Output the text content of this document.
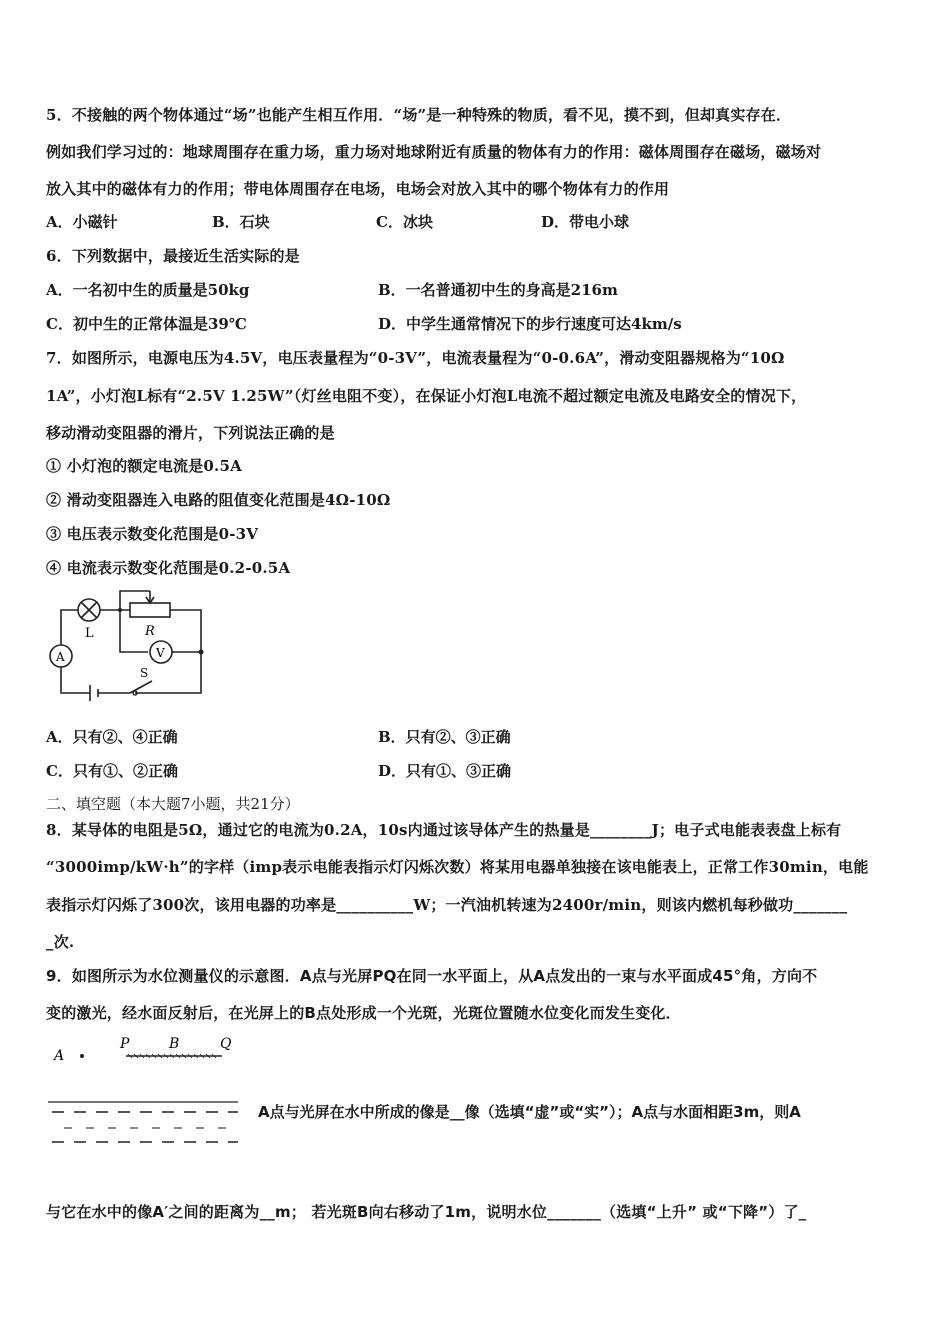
5．不接触的两个物体通过“场”也能产生相互作用．“场”是一种特殊的物质，看不见，摸不到，但却真实存在．
例如我们学习过的：地球周围存在重力场，重力场对地球附近有质量的物体有力的作用：磁体周围存在磁场，磁场对
放入其中的磁体有力的作用；带电体周围存在电场，电场会对放入其中的哪个物体有力的作用
A．小磁针	B．石块	C．冰块	D．带电小球
6．下列数据中，最接近生活实际的是
A．一名初中生的质量是50kg	B．一名普通初中生的身高是216m
C．初中生的正常体温是39℃	D．中学生通常情况下的步行速度可达4km/s
7．如图所示，电源电压为4.5V，电压表量程为“0-3V”，电流表量程为“0-0.6A”，滑动变阻器规格为“10Ω
1A”，小灯泡L标有“2.5V 1.25W”（灯丝电阻不变），在保证小灯泡L电流不超过额定电流及电路安全的情况下，
移动滑动变阻器的滑片，下列说法正确的是
① 小灯泡的额定电流是0.5A
② 滑动变阻器连入电路的阻值变化范围是4Ω-10Ω
③ 电压表示数变化范围是0-3V
④ 电流表示数变化范围是0.2-0.5A
L	R
A	V
S
A．只有②、④正确	B．只有②、③正确
C．只有①、②正确	D．只有①、③正确
二、填空题（本大题7小题，共21分）
8．某导体的电阻是5Ω，通过它的电流为0.2A，10s内通过该导体产生的热量是________J；电子式电能表表盘上标有
“3000imp/kW·h”的字样（imp表示电能表指示灯闪烁次数）将某用电器单独接在该电能表上，正常工作30min，电能
表指示灯闪烁了300次，该用电器的功率是__________W；一汽油机转速为2400r/min，则该内燃机每秒做功_______
_次.
9．如图所示为水位测量仪的示意图．A点与光屏PQ在同一水平面上，从A点发出的一束与水平面成45°角，方向不
变的激光，经水面反射后，在光屏上的B点处形成一个光斑，光斑位置随水位变化而发生变化．
A
P	B	Q
A点与光屏在水中所成的像是__像（选填“虚”或“实”）；A点与水面相距3m，则A
与它在水中的像A′之间的距离为__m； 若光斑B向右移动了1m，说明水位_______（选填“上升” 或“下降”）了_
